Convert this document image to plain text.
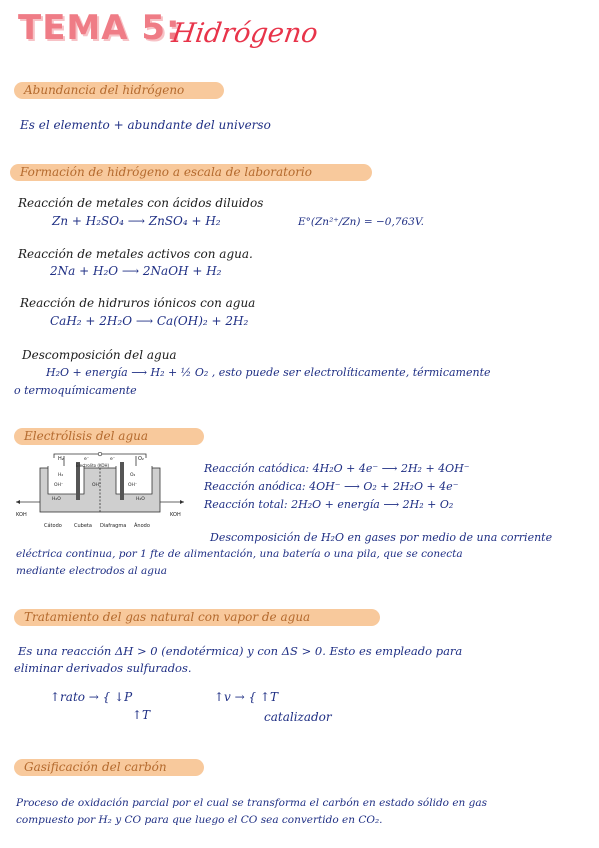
TEMA 5:
Hidrógeno
Abundancia del hidrógeno
Es el elemento + abundante del universo
Formación de hidrógeno a escala de laboratorio
Reacción de metales con ácidos diluidos
Zn + H₂SO₄ ⟶ ZnSO₄ + H₂	E°(Zn²⁺/Zn) = −0,763V.
Reacción de metales activos con agua.
2Na + H₂O ⟶ 2NaOH + H₂
Reacción de hidruros iónicos con agua
CaH₂ + 2H₂O ⟶ Ca(OH)₂ + 2H₂
Descomposición del agua
H₂O + energía ⟶ H₂ + ½ O₂ , esto puede ser electrolíticamente, térmicamente
o termoquímicamente
Electrólisis del agua
H₂	O₂
Electrolito (KOH)
e⁻	e⁻
H₂	O₂
OH⁻	OH⁻	OH⁻
H₂O	H₂O
KOH	KOH
Cátodo Cubeta Diafragma Ánodo
Reacción catódica: 4H₂O + 4e⁻ ⟶ 2H₂ + 4OH⁻
Reacción anódica: 4OH⁻ ⟶ O₂ + 2H₂O + 4e⁻
Reacción total: 2H₂O + energía ⟶ 2H₂ + O₂
Descomposición de H₂O en gases por medio de una corriente
eléctrica continua, por 1 fte de alimentación, una batería o una pila, que se conecta
mediante electrodos al agua
Tratamiento del gas natural con vapor de agua
Es una reacción ΔH > 0 (endotérmica) y con ΔS > 0. Esto es empleado para
eliminar derivados sulfurados.
↑rato → { ↓P
↑T
↑v → { ↑T
catalizador
Gasificación del carbón
Proceso de oxidación parcial por el cual se transforma el carbón en estado sólido en gas
compuesto por H₂ y CO para que luego el CO sea convertido en CO₂.
